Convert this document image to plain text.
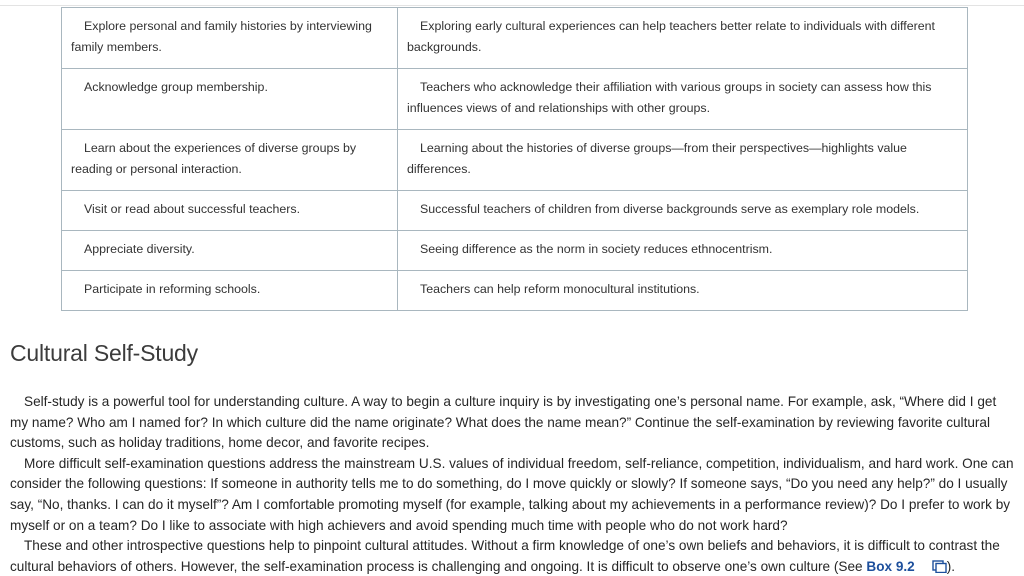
Explore personal and family histories by interviewing family members.	Exploring early cultural experiences can help teachers better relate to individuals with different backgrounds.
Acknowledge group membership.	Teachers who acknowledge their affiliation with various groups in society can assess how this influences views of and relationships with other groups.
Learn about the experiences of diverse groups by reading or personal interaction.	Learning about the histories of diverse groups—from their perspectives—highlights value differences.
Visit or read about successful teachers.	Successful teachers of children from diverse backgrounds serve as exemplary role models.
Appreciate diversity.	Seeing difference as the norm in society reduces ethnocentrism.
Participate in reforming schools.	Teachers can help reform monocultural institutions.
Cultural Self-Study

Self-study is a powerful tool for understanding culture. A way to begin a culture inquiry is by investigating one’s personal name. For example, ask, “Where did I get my name? Who am I named for? In which culture did the name originate? What does the name mean?” Continue the self-examination by reviewing favorite cultural customs, such as holiday traditions, home decor, and favorite recipes.

More difficult self-examination questions address the mainstream U.S. values of individual freedom, self-reliance, competition, individualism, and hard work. One can consider the following questions: If someone in authority tells me to do something, do I move quickly or slowly? If someone says, “Do you need any help?” do I usually say, “No, thanks. I can do it myself”? Am I comfortable promoting myself (for example, talking about my achievements in a performance review)? Do I prefer to work by myself or on a team? Do I like to associate with high achievers and avoid spending much time with people who do not work hard?

These and other introspective questions help to pinpoint cultural attitudes. Without a firm knowledge of one’s own beliefs and behaviors, it is difficult to contrast the cultural behaviors of others. However, the self-examination process is challenging and ongoing. It is difficult to observe one’s own culture (See Box 9.2 ).
